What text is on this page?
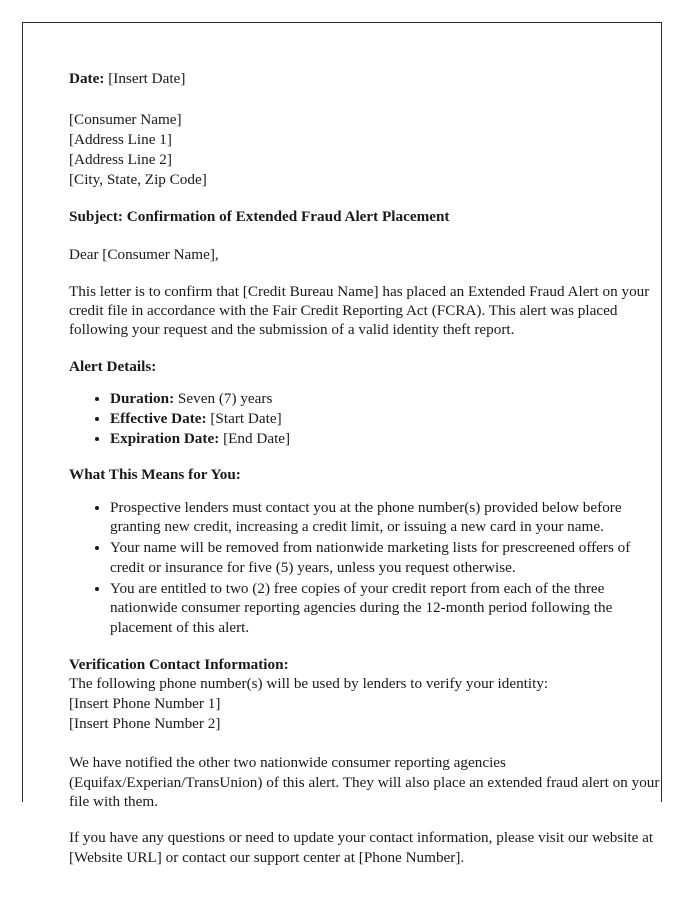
Date: [Insert Date]
[Consumer Name]
[Address Line 1]
[Address Line 2]
[City, State, Zip Code]
Subject: Confirmation of Extended Fraud Alert Placement
Dear [Consumer Name],
This letter is to confirm that [Credit Bureau Name] has placed an Extended Fraud Alert on your credit file in accordance with the Fair Credit Reporting Act (FCRA). This alert was placed following your request and the submission of a valid identity theft report.
Alert Details:
Duration: Seven (7) years
Effective Date: [Start Date]
Expiration Date: [End Date]
What This Means for You:
Prospective lenders must contact you at the phone number(s) provided below before granting new credit, increasing a credit limit, or issuing a new card in your name.
Your name will be removed from nationwide marketing lists for prescreened offers of credit or insurance for five (5) years, unless you request otherwise.
You are entitled to two (2) free copies of your credit report from each of the three nationwide consumer reporting agencies during the 12-month period following the placement of this alert.
Verification Contact Information:
The following phone number(s) will be used by lenders to verify your identity:
[Insert Phone Number 1]
[Insert Phone Number 2]
We have notified the other two nationwide consumer reporting agencies (Equifax/Experian/TransUnion) of this alert. They will also place an extended fraud alert on your file with them.
If you have any questions or need to update your contact information, please visit our website at [Website URL] or contact our support center at [Phone Number].
